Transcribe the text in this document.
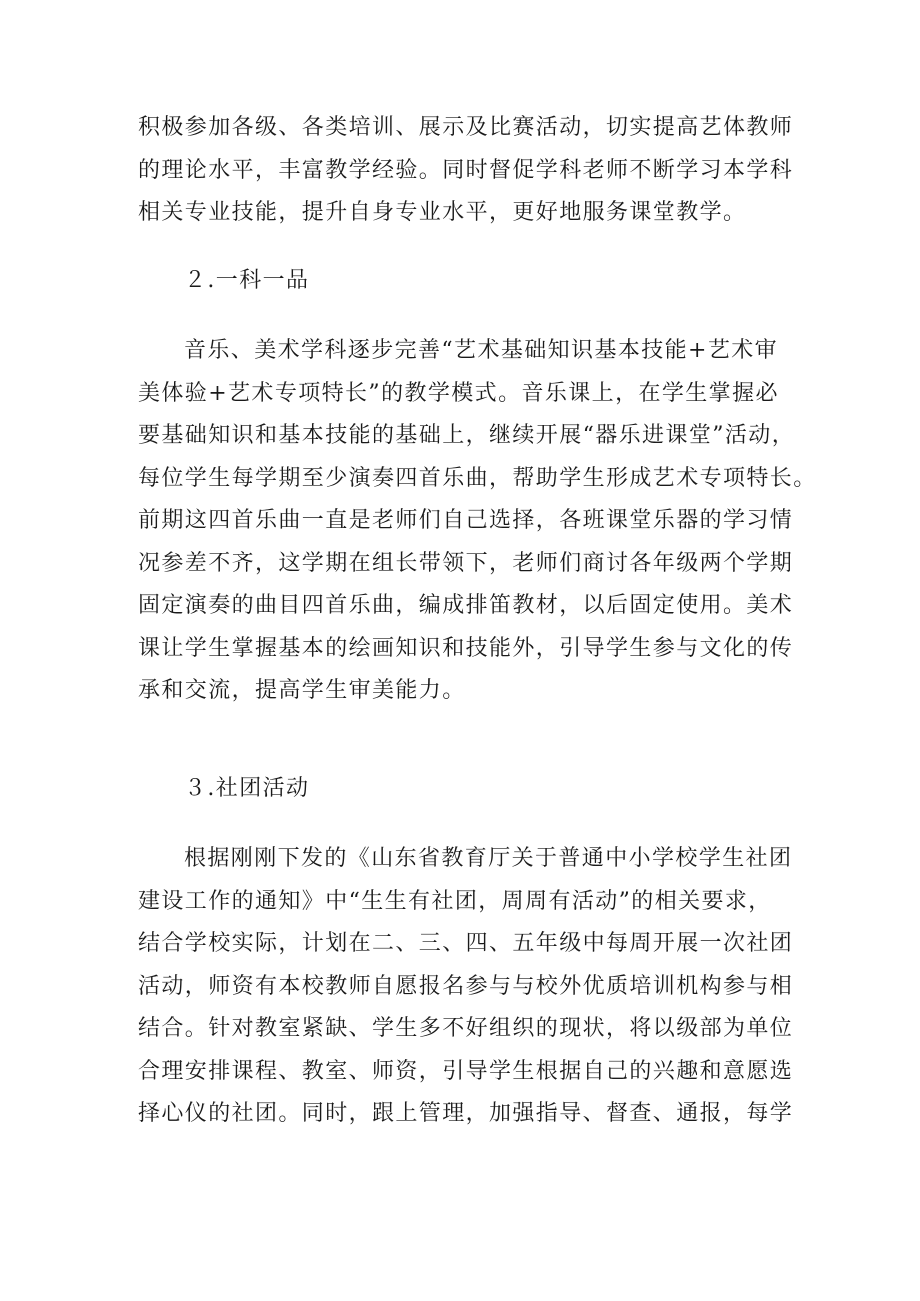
积极参加各级、各类培训、展示及比赛活动，切实提高艺体教师
的理论水平，丰富教学经验。同时督促学科老师不断学习本学科
相关专业技能，提升自身专业水平，更好地服务课堂教学。
２.一科一品
音乐、美术学科逐步完善“艺术基础知识基本技能+艺术审
美体验+艺术专项特长”的教学模式。音乐课上，在学生掌握必
要基础知识和基本技能的基础上，继续开展“器乐进课堂”活动，
每位学生每学期至少演奏四首乐曲，帮助学生形成艺术专项特长。
前期这四首乐曲一直是老师们自己选择，各班课堂乐器的学习情
况参差不齐，这学期在组长带领下，老师们商讨各年级两个学期
固定演奏的曲目四首乐曲，编成排笛教材，以后固定使用。美术
课让学生掌握基本的绘画知识和技能外，引导学生参与文化的传
承和交流，提高学生审美能力。
３.社团活动
根据刚刚下发的《山东省教育厅关于普通中小学校学生社团
建设工作的通知》中“生生有社团，周周有活动”的相关要求，
结合学校实际，计划在二、三、四、五年级中每周开展一次社团
活动，师资有本校教师自愿报名参与与校外优质培训机构参与相
结合。针对教室紧缺、学生多不好组织的现状，将以级部为单位
合理安排课程、教室、师资，引导学生根据自己的兴趣和意愿选
择心仪的社团。同时，跟上管理，加强指导、督查、通报，每学
